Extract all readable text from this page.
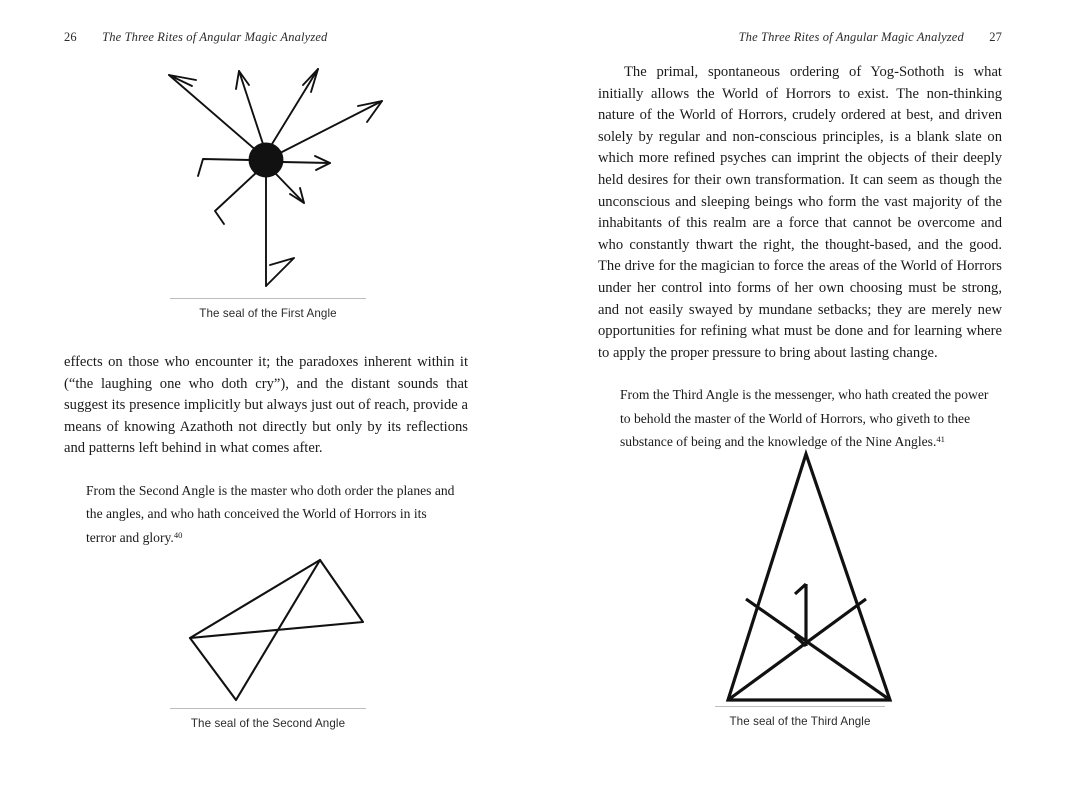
26 The Three Rites of Angular Magic Analyzed	The Three Rites of Angular Magic Analyzed 27
The seal of the First Angle

effects on those who encounter it; the paradoxes inherent within it (“the laughing one who doth cry”), and the distant sounds that suggest its presence implicitly but always just out of reach, provide a means of knowing Azathoth not directly but only by its reflections and patterns left behind in what comes after.

From the Second Angle is the master who doth order the planes and the angles, and who hath conceived the World of Horrors in its terror and glory.$^{40}$
The seal of the Second Angle

The primal, spontaneous ordering of Yog-Sothoth is what initially allows the World of Horrors to exist. The non-thinking nature of the World of Horrors, crudely ordered at best, and driven solely by regular and non-conscious principles, is a blank slate on which more refined psyches can imprint the objects of their deeply held desires for their own transformation. It can seem as though the unconscious and sleeping beings who form the vast majority of the inhabitants of this realm are a force that cannot be overcome and who constantly thwart the right, the thought-based, and the good. The drive for the magician to force the areas of the World of Horrors under her control into forms of her own choosing must be strong, and not easily swayed by mundane setbacks; they are merely new opportunities for refining what must be done and for learning where to apply the proper pressure to bring about lasting change.

From the Third Angle is the messenger, who hath created the power to behold the master of the World of Horrors, who giveth to thee substance of being and the knowledge of the Nine Angles.$^{41}$
The seal of the Third Angle
